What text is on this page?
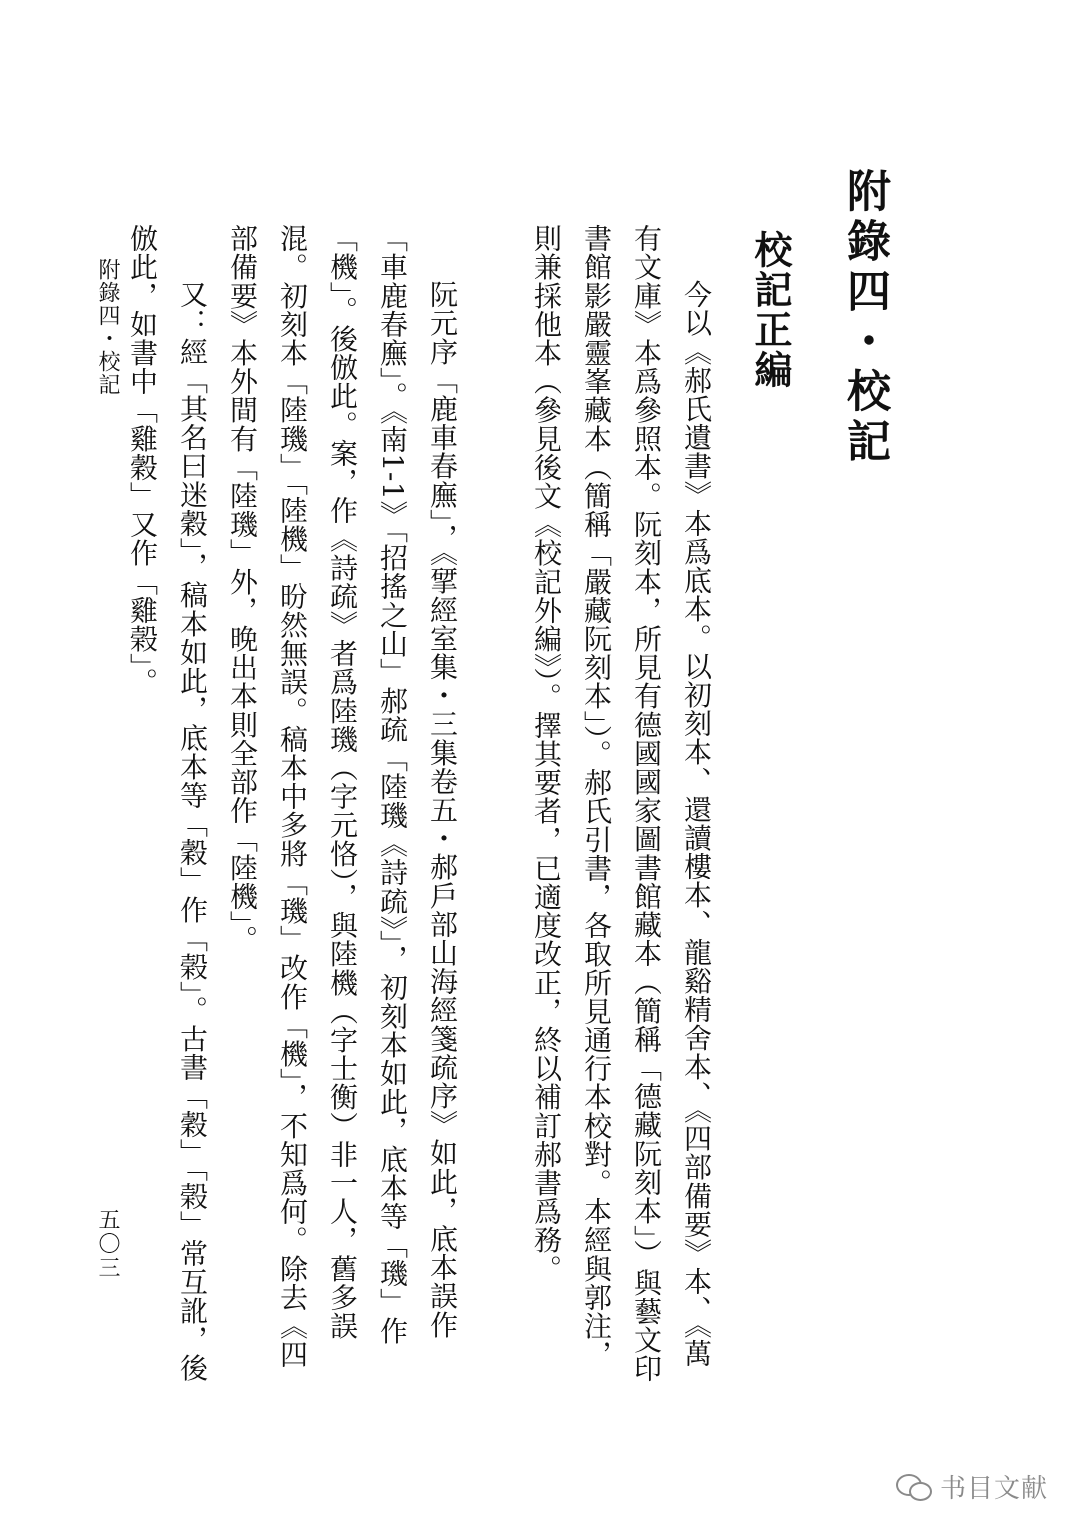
附錄四・校記
校記正編

今以《郝氏遺書》本爲底本。以初刻本、還讀樓本、龍谿精舍本、《四部備要》本、《萬有文庫》本爲參照本。阮刻本，所見有德國國家圖書館藏本（簡稱「德藏阮刻本」）與藝文印書館影嚴靈峯藏本（簡稱「嚴藏阮刻本」）。郝氏引書，各取所見通行本校對。本經與郭注，則兼採他本（參見後文《校記外編》）。擇其要者，已適度改正，終以補訂郝書爲務。

阮元序「鹿車春廡」，《揅經室集・三集卷五・郝戶部山海經箋疏序》如此，底本誤作「車鹿春廡」。《南1-1》「招搖之山」郝疏「陸璣《詩疏》」，初刻本如此，底本等「璣」作「機」。後倣此。案，作《詩疏》者爲陸璣（字元恪），與陸機（字士衡）非一人，舊多誤混。初刻本「陸璣」「陸機」昐然無誤。稿本中多將「璣」改作「機」，不知爲何。除去《四部備要》本外間有「陸璣」外，晚出本則全部作「陸機」。

又：經「其名曰迷穀」，稿本如此，底本等「穀」作「榖」。古書「穀」「榖」常互訛，後倣此，如書中「雞穀」又作「雞榖」。

附錄四・校記
五〇三
书目文献
